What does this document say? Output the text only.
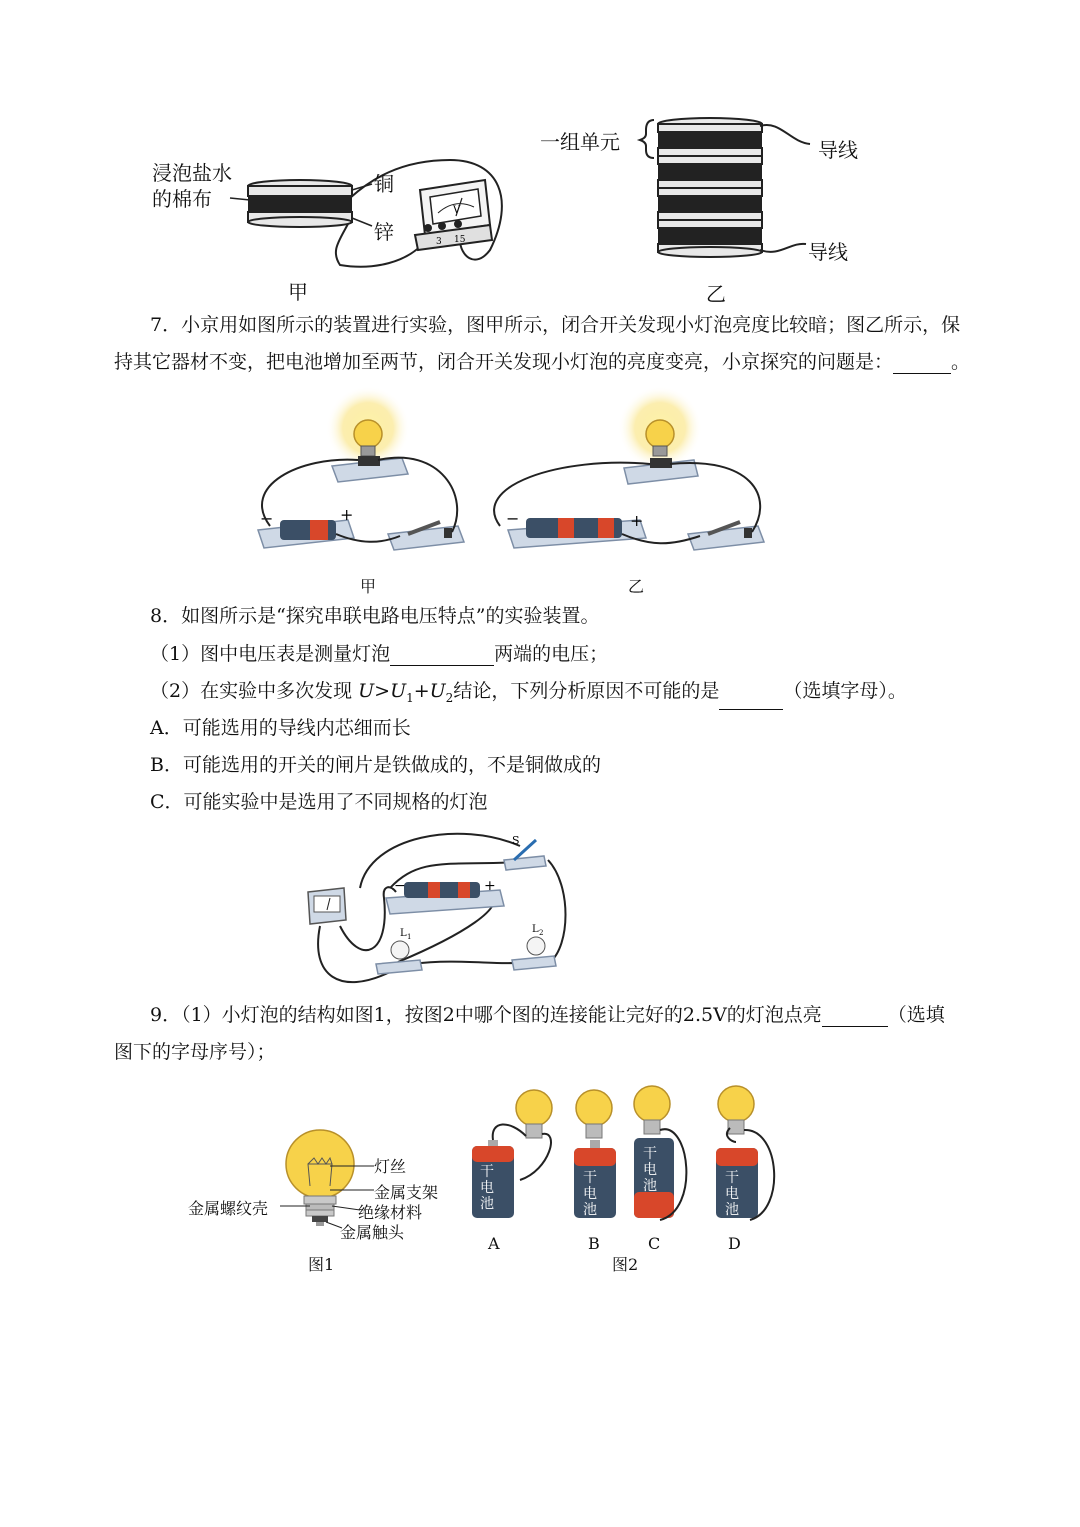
V
3 15
浸泡盐水
的棉布
铜
锌
甲
一组单元	导线
导线
乙
7．小京用如图所示的装置进行实验，图甲所示，闭合开关发现小灯泡亮度比较暗；图乙所示，保
持其它器材不变，把电池增加至两节，闭合开关发现小灯泡的亮度变亮，小京探究的问题是：	。
−	+	−	+
甲	乙
8．如图所示是“探究串联电路电压特点”的实验装置。
（1）图中电压表是测量灯泡	两端的电压；
（2）在实验中多次发现 $U>U_1+U_2$结论，下列分析原因不可能的是	（选填字母）。
A．可能选用的导线内芯细而长
B．可能选用的开关的闸片是铁做成的，不是铜做成的
C．可能实验中是选用了不同规格的灯泡
−	+
S
L 1
L 2
9．（1）小灯泡的结构如图1，按图2中哪个图的连接能让完好的2.5V的灯泡点亮	（选填
图下的字母序号）；
灯丝
金属支架
绝缘材料
金属触头
金属螺纹壳
图1
干
电
池
干
电
池
干
电
池	干
电
池
A	B	C	D
图2
